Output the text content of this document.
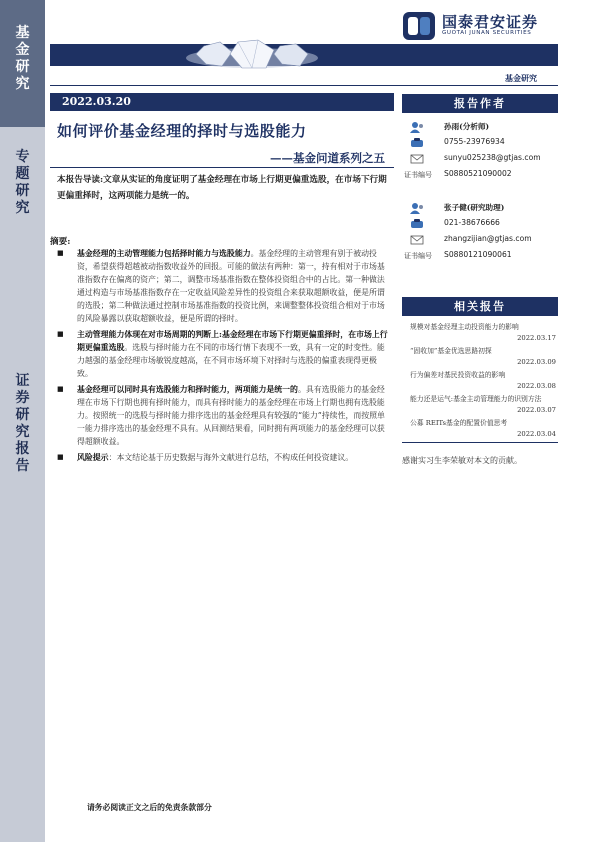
基
金
研
究
专
题
研
究
证
券
研
究
报
告
国泰君安证券
GUOTAI JUNAN SECURITIES
基金研究
2022.03.20
如何评价基金经理的择时与选股能力
——基金问道系列之五
本报告导读:文章从实证的角度证明了基金经理在市场上行期更偏重选股，在市场下行期更偏重择时，这两项能力是统一的。
摘要:
■ 基金经理的主动管理能力包括择时能力与选股能力。基金经理的主动管理有别于被动投资，希望获得超越被动指数收益外的回报。可能的做法有两种：第一，持有相对于市场基准指数存在偏离的资产；第二，调整市场基准指数在整体投资组合中的占比。第一种做法通过构造与市场基准指数存在一定收益风险差异性的投资组合来获取超额收益，便是所谓的选股；第二种做法通过控制市场基准指数的投资比例，来调整整体投资组合相对于市场的风险暴露以获取超额收益，便是所谓的择时。
■ 主动管理能力体现在对市场周期的判断上:基金经理在市场下行期更偏重择时，在市场上行期更偏重选股。选股与择时能力在不同的市场行情下表现不一致，具有一定的时变性。能力越强的基金经理市场敏锐度越高，在不同市场环境下对择时与选股的偏重表现得更极致。
■ 基金经理可以同时具有选股能力和择时能力，两项能力是统一的。具有选股能力的基金经理在市场下行期也拥有择时能力，而具有择时能力的基金经理在市场上行期也拥有选股能力。按照统一的选股与择时能力排序选出的基金经理具有较强的“能力”持续性，而按照单一能力排序选出的基金经理不具有。从回测结果看，同时拥有两项能力的基金经理可以获得超额收益。
■ 风险提示：本文结论基于历史数据与海外文献进行总结，不构成任何投资建议。
报告作者
孙雨(分析师)
0755-23976934
sunyu025238@gtjas.com
证书编号 S0880521090002
张子健(研究助理)
021-38676666
zhangzijian@gtjas.com
证书编号 S0880121090061
相关报告
规模对基金经理主动投资能力的影响
2022.03.17
“固收加”基金优选思路初探
2022.03.09
行为偏差对基民投资收益的影响
2022.03.08
能力还是运气:基金主动管理能力的识别方法
2022.03.07
公募 REITs基金的配置价值思考
2022.03.04
感谢实习生李荣敏对本文的贡献。
请务必阅读正文之后的免责条款部分
